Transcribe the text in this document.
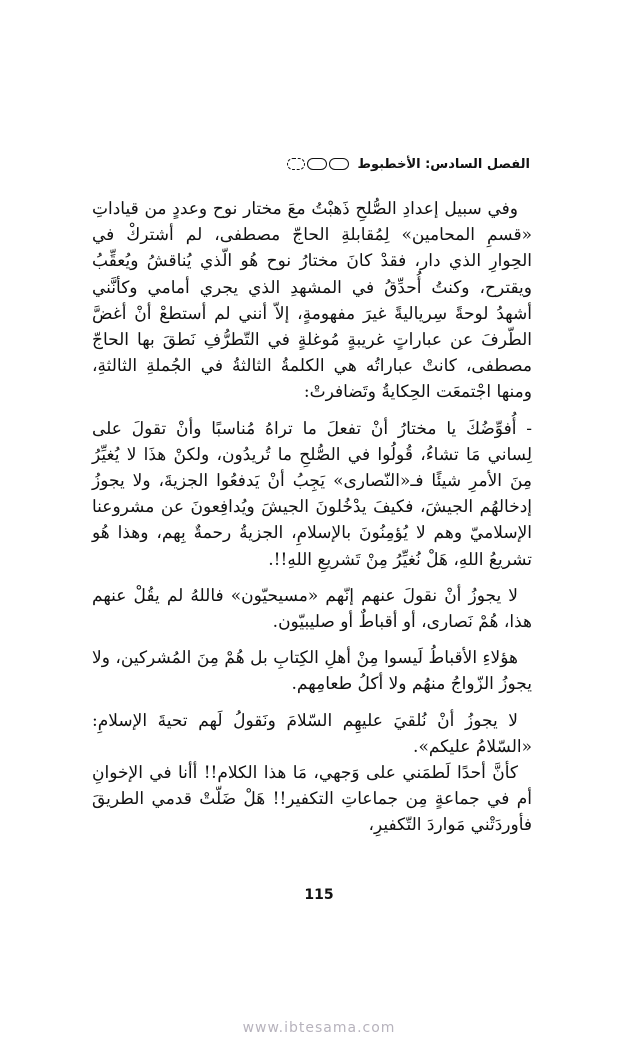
الفصل السادس: الأخطبوط

وفي سبيل إعدادِ الصُّلحِ ذَهبْتُ معَ مختار نوح وعددٍ من قياداتِ «قسمِ المحامين» لِمُقابلةِ الحاجّ مصطفى، لم أشتركْ في الحِوارِ الذي دار، فقدْ كانَ مختارُ نوح هُو الّذي يُناقشُ ويُعقِّبُ ويقترح، وكنتُ أُحدِّقُ في المشهدِ الذي يجري أمامي وكأنَّني أشهدُ لوحةً سِرياليةً غيرَ مفهومةٍ، إلاّ أنني لم أستطعْ أنْ أغضَّ الطّرفَ عن عباراتٍ غريبةٍ مُوغلةٍ في التّطرُّفِ نَطقَ بها الحاجّ مصطفى، كانتْ عباراتُه هي الكلمةُ الثالثةُ في الجُملةِ الثالثةِ، ومنها اجْتمعَت الحِكايةُ وتَضافرتْ:

- أُفوِّضُكَ يا مختارُ أنْ تفعلَ ما تراهُ مُناسبًا وأنْ تقولَ على لِساني مَا تشاءُ، قُولُوا في الصُّلحِ ما تُريدُون، ولكنْ هذَا لا يُغيِّرُ مِنَ الأمرِ شيئًا فـ«النّصارى» يَجِبُ أنْ يَدفعُوا الجزيةَ، ولا يجوزُ إدخالهُم الجيشَ، فكيفَ يدْخُلونَ الجيشَ ويُدافِعونَ عن مشروعنا الإسلاميّ وهم لا يُؤمِنُونَ بالإسلامِ، الجزيةُ رحمةٌ بِهم، وهذا هُو تشريعُ اللهِ، هَلْ نُغيِّرُ مِنْ تَشريعِ اللهِ!!.

لا يجوزُ أنْ نقولَ عنهم إنّهم «مسيحيّون» فاللهُ لم يقُلْ عنهم هذا، هُمْ نَصارى، أو أقباطٌ أو صليبيّون.

هؤلاءِ الأقباطُ لَيسوا مِنْ أهلِ الكِتابِ بل هُمْ مِنَ المُشركين، ولا يجوزُ الزّواجُ منهُم ولا أكلُ طعامِهم.

لا يجوزُ أنْ نُلقيَ عليهِم السّلامَ ونَقولُ لَهم تحيةَ الإسلامِ: «السّلامُ عليكم».

كأنَّ أحدًا لَطمَني على وَجهي، مَا هذا الكلام!! أأنا في الإخوانِ أم في جماعةٍ مِن جماعاتِ التكفير!! هَلْ ضَلّتْ قدمي الطريقَ فأوردَتْني مَواردَ التّكفيرِ،

115
www.ibtesama.com
